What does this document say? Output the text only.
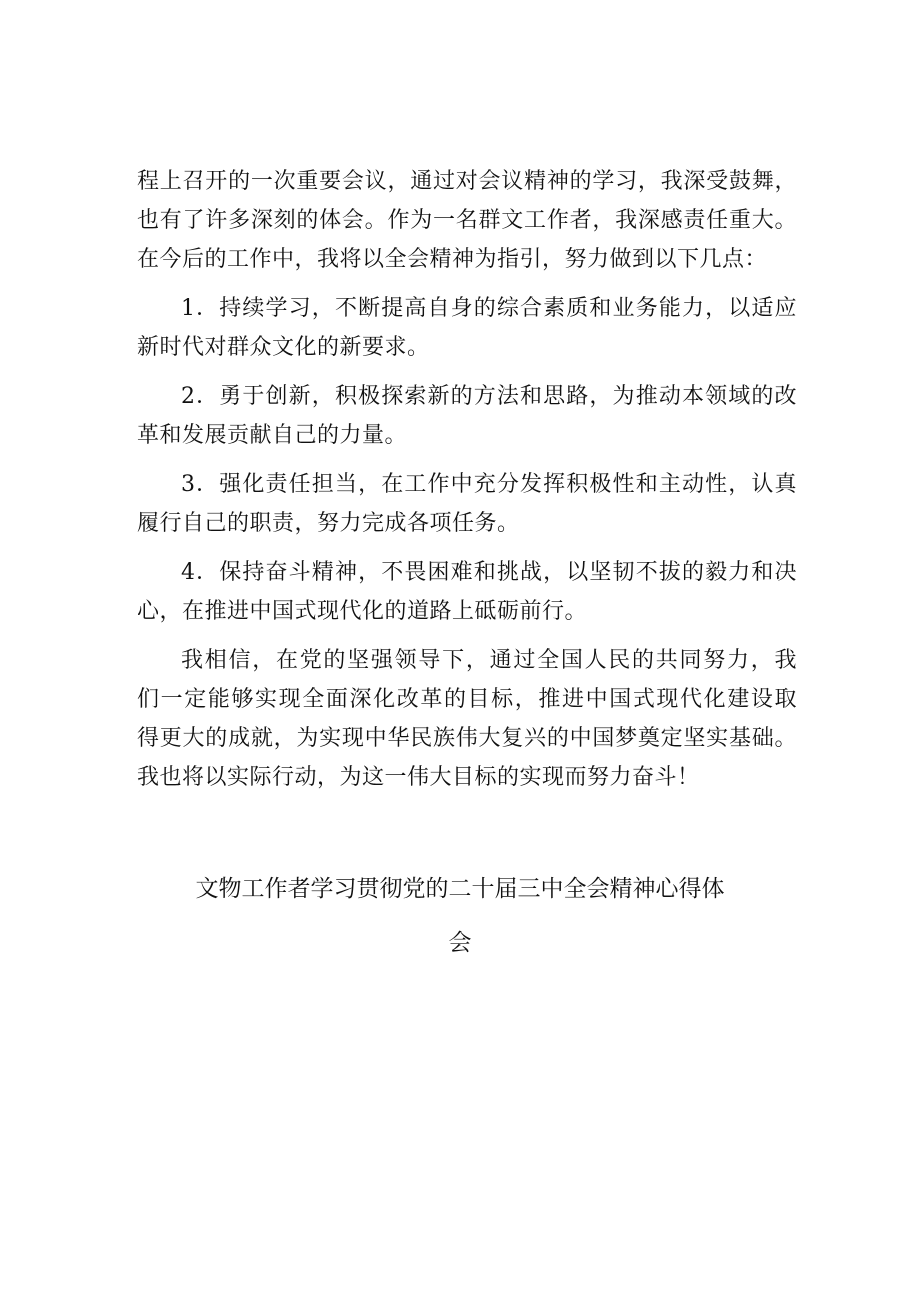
程上召开的一次重要会议，通过对会议精神的学习，我深受鼓舞，
也有了许多深刻的体会。作为一名群文工作者，我深感责任重大。
在今后的工作中，我将以全会精神为指引，努力做到以下几点：
1．持续学习，不断提高自身的综合素质和业务能力，以适应
新时代对群众文化的新要求。
2．勇于创新，积极探索新的方法和思路，为推动本领域的改
革和发展贡献自己的力量。
3．强化责任担当，在工作中充分发挥积极性和主动性，认真
履行自己的职责，努力完成各项任务。
4．保持奋斗精神，不畏困难和挑战，以坚韧不拔的毅力和决
心，在推进中国式现代化的道路上砥砺前行。
我相信，在党的坚强领导下，通过全国人民的共同努力，我
们一定能够实现全面深化改革的目标，推进中国式现代化建设取
得更大的成就，为实现中华民族伟大复兴的中国梦奠定坚实基础。
我也将以实际行动，为这一伟大目标的实现而努力奋斗！
文物工作者学习贯彻党的二十届三中全会精神心得体
会
